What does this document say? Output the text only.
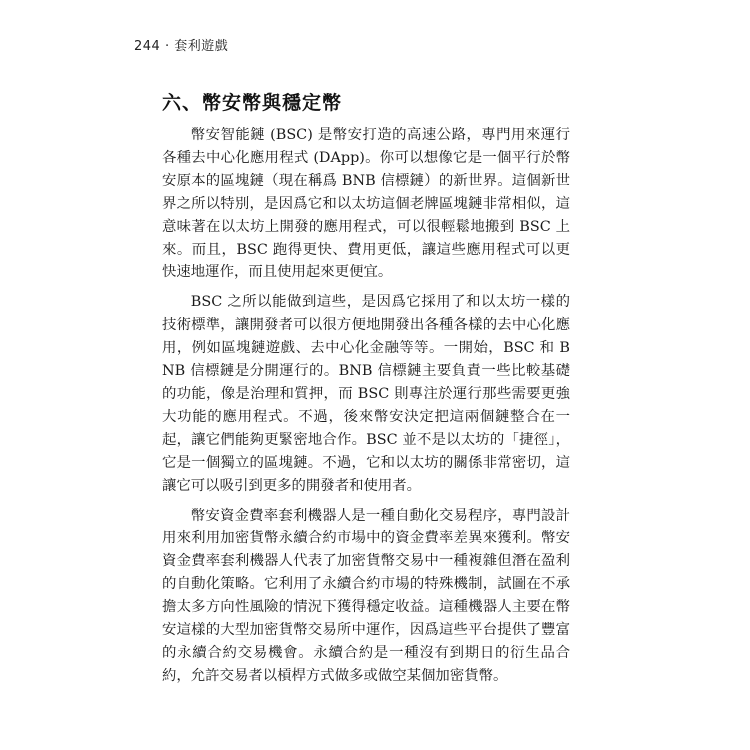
244 ‧ 套利遊戲
六、幣安幣與穩定幣

幣安智能鏈 (BSC) 是幣安打造的高速公路，專門用來運行各種去中心化應用程式 (DApp)。你可以想像它是一個平行於幣安原本的區塊鏈（現在稱爲 BNB 信標鏈）的新世界。這個新世界之所以特別，是因爲它和以太坊這個老牌區塊鏈非常相似，這意味著在以太坊上開發的應用程式，可以很輕鬆地搬到 BSC 上來。而且，BSC 跑得更快、費用更低，讓這些應用程式可以更快速地運作，而且使用起來更便宜。

BSC 之所以能做到這些，是因爲它採用了和以太坊一樣的技術標準，讓開發者可以很方便地開發出各種各樣的去中心化應用，例如區塊鏈遊戲、去中心化金融等等。一開始，BSC 和 BNB 信標鏈是分開運行的。BNB 信標鏈主要負責一些比較基礎的功能，像是治理和質押，而 BSC 則專注於運行那些需要更強大功能的應用程式。不過，後來幣安決定把這兩個鏈整合在一起，讓它們能夠更緊密地合作。BSC 並不是以太坊的「捷徑」，它是一個獨立的區塊鏈。不過，它和以太坊的關係非常密切，這讓它可以吸引到更多的開發者和使用者。

幣安資金費率套利機器人是一種自動化交易程序，專門設計用來利用加密貨幣永續合約市場中的資金費率差異來獲利。幣安資金費率套利機器人代表了加密貨幣交易中一種複雜但潛在盈利的自動化策略。它利用了永續合約市場的特殊機制，試圖在不承擔太多方向性風險的情況下獲得穩定收益。這種機器人主要在幣安這樣的大型加密貨幣交易所中運作，因爲這些平台提供了豐富的永續合約交易機會。永續合約是一種沒有到期日的衍生品合約，允許交易者以槓桿方式做多或做空某個加密貨幣。
